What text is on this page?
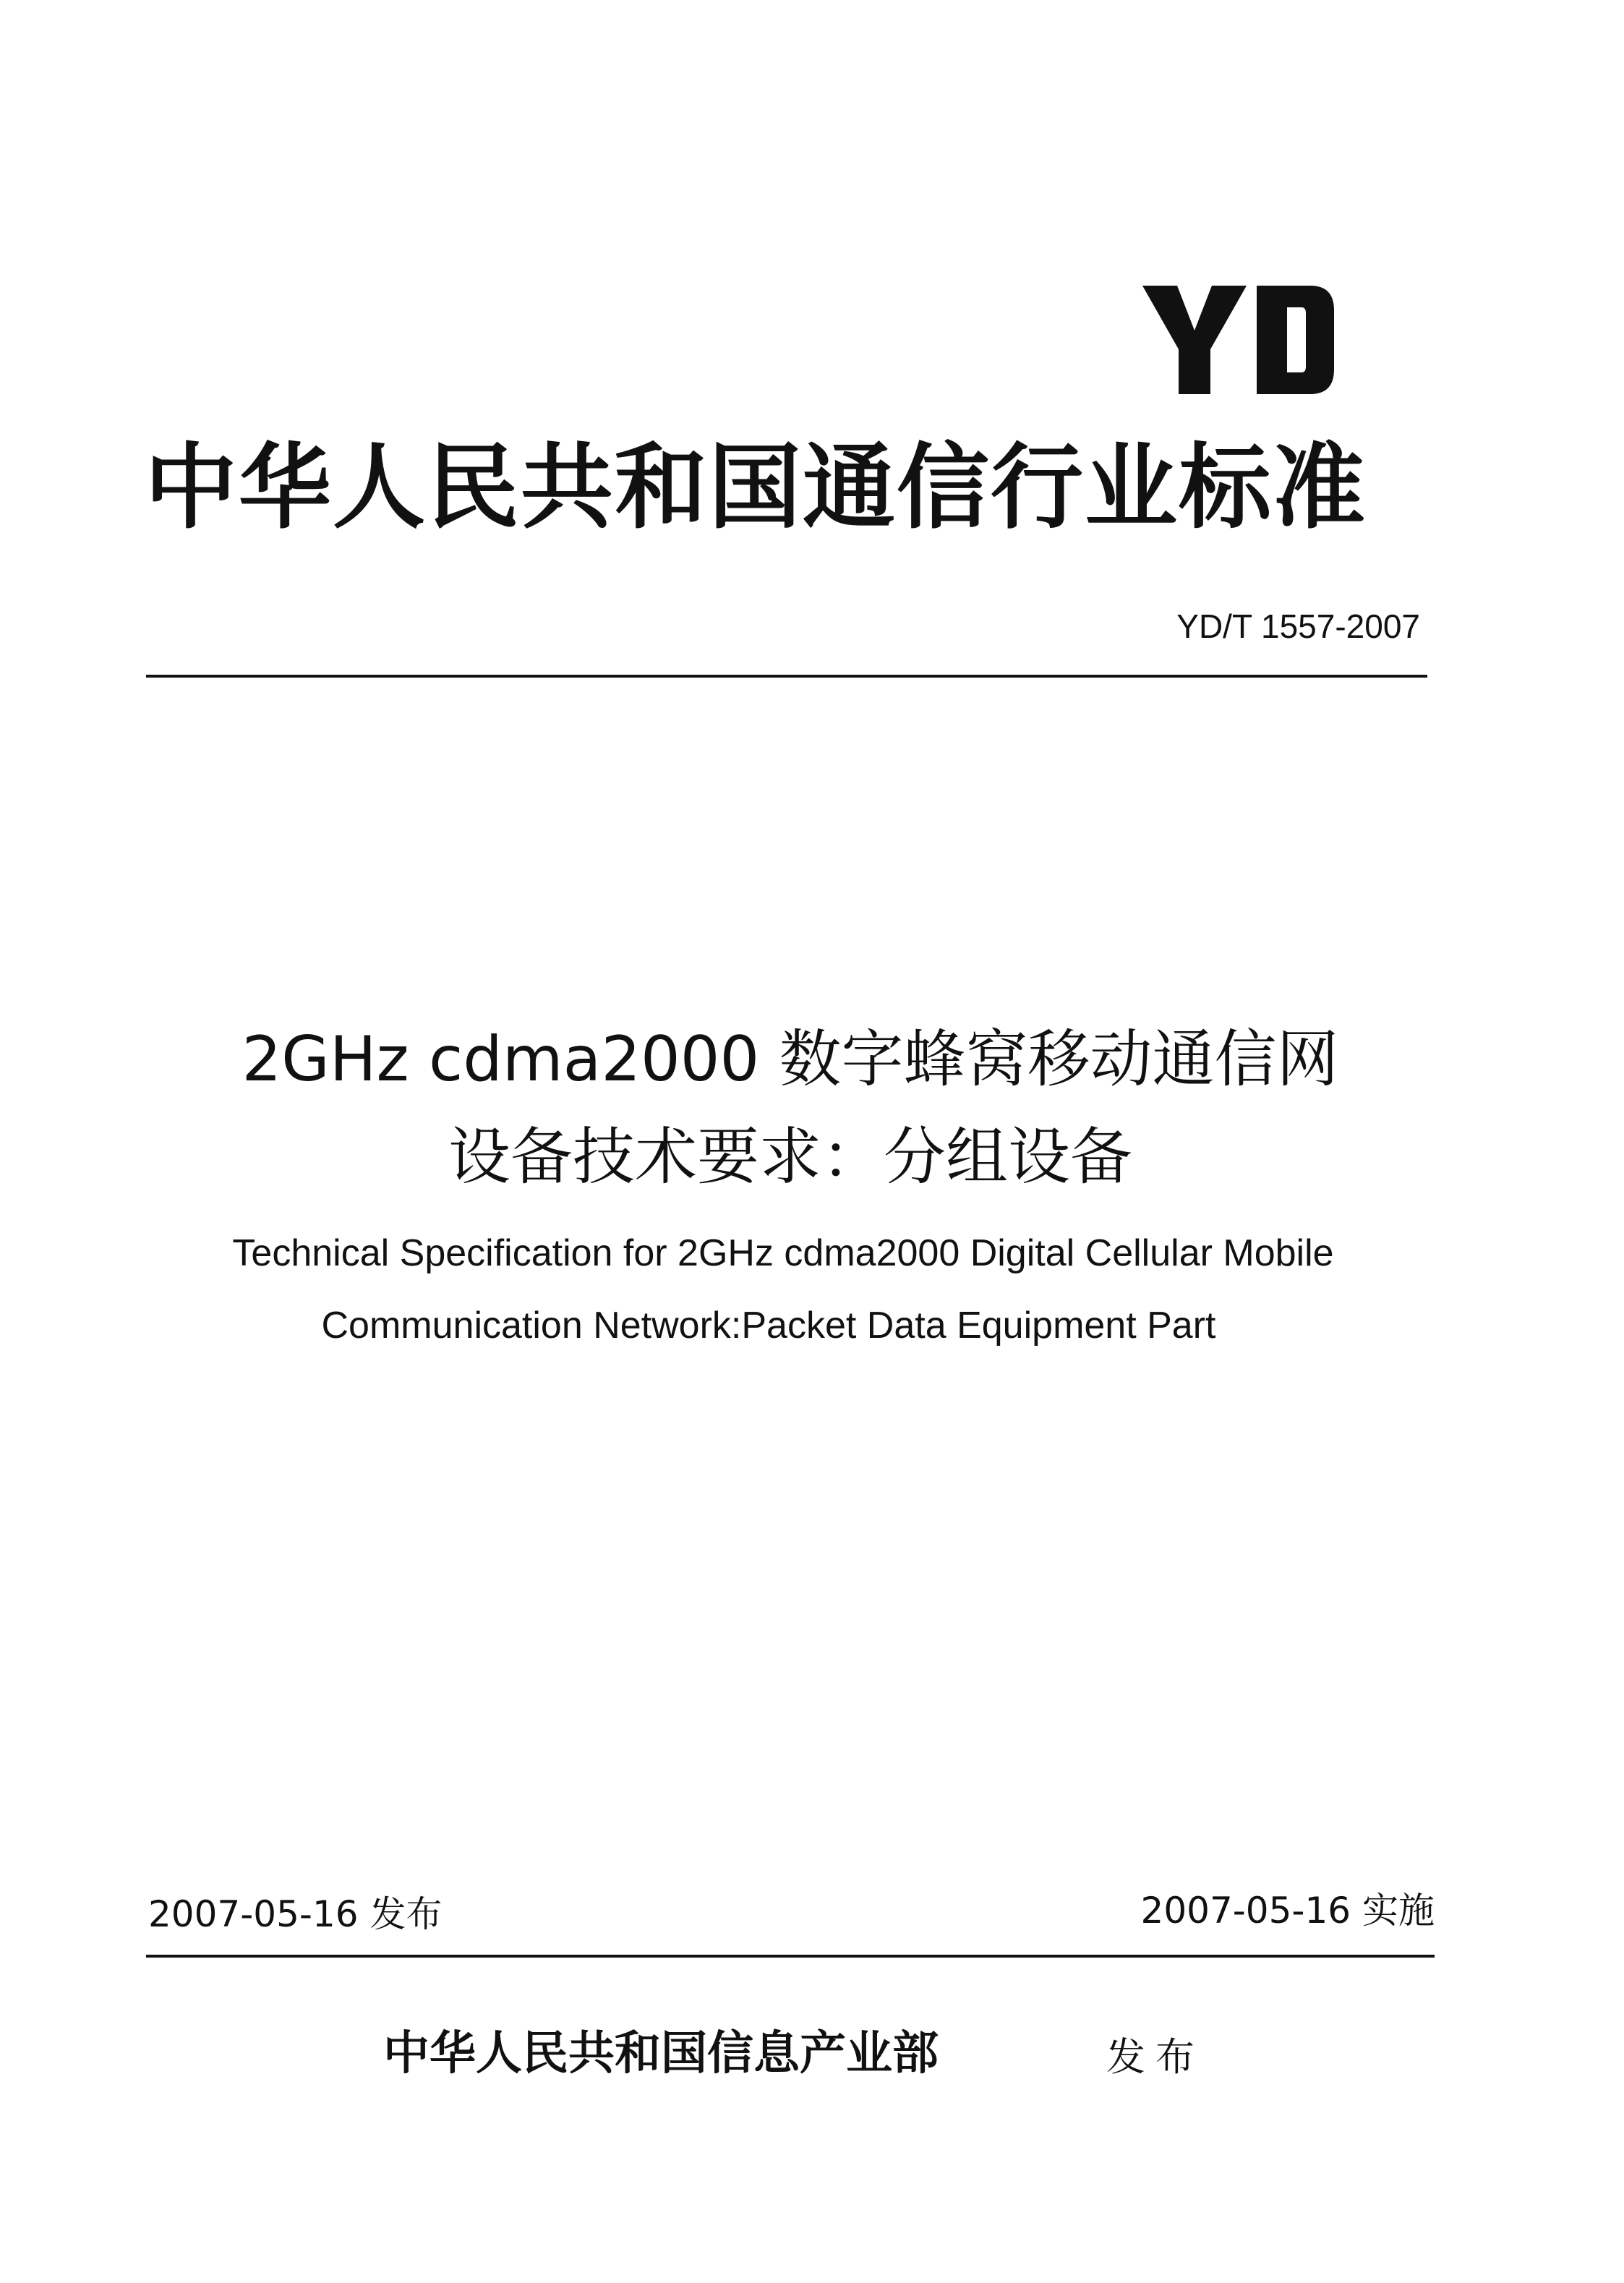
中华人民共和国通信行业标准
YD/T 1557-2007
2GHz cdma2000 数字蜂窝移动通信网
设备技术要求：分组设备
Technical Specification for 2GHz cdma2000 Digital Cellular Mobile
Communication Network:Packet Data Equipment Part
2007-05-16 发布	2007-05-16 实施
中华人民共和国信息产业部	发布
